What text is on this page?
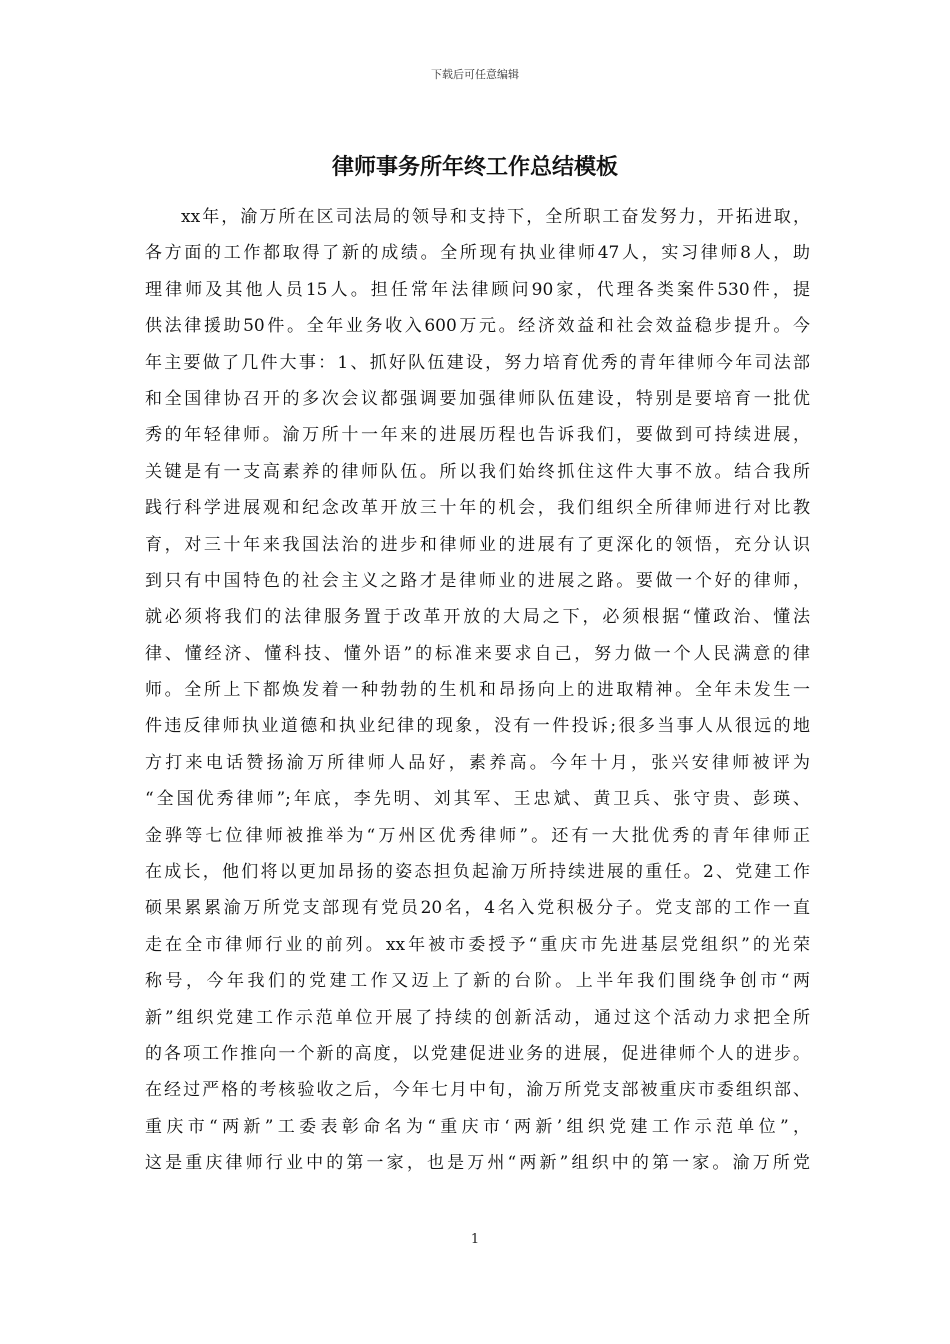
下载后可任意编辑
律师事务所年终工作总结模板
xx年，渝万所在区司法局的领导和支持下，全所职工奋发努力，开拓进取，
各方面的工作都取得了新的成绩。全所现有执业律师47人，实习律师8人，助
理律师及其他人员15人。担任常年法律顾问90家，代理各类案件530件，提
供法律援助50件。全年业务收入600万元。经济效益和社会效益稳步提升。今
年主要做了几件大事：1、抓好队伍建设，努力培育优秀的青年律师今年司法部
和全国律协召开的多次会议都强调要加强律师队伍建设，特别是要培育一批优
秀的年轻律师。渝万所十一年来的进展历程也告诉我们，要做到可持续进展，
关键是有一支高素养的律师队伍。所以我们始终抓住这件大事不放。结合我所
践行科学进展观和纪念改革开放三十年的机会，我们组织全所律师进行对比教
育，对三十年来我国法治的进步和律师业的进展有了更深化的领悟，充分认识
到只有中国特色的社会主义之路才是律师业的进展之路。要做一个好的律师，
就必须将我们的法律服务置于改革开放的大局之下，必须根据“懂政治、懂法
律、懂经济、懂科技、懂外语”的标准来要求自己，努力做一个人民满意的律
师。全所上下都焕发着一种勃勃的生机和昂扬向上的进取精神。全年未发生一
件违反律师执业道德和执业纪律的现象，没有一件投诉;很多当事人从很远的地
方打来电话赞扬渝万所律师人品好，素养高。今年十月，张兴安律师被评为
“全国优秀律师”;年底，李先明、刘其军、王忠斌、黄卫兵、张守贵、彭瑛、
金骅等七位律师被推举为“万州区优秀律师”。还有一大批优秀的青年律师正
在成长，他们将以更加昂扬的姿态担负起渝万所持续进展的重任。2、党建工作
硕果累累渝万所党支部现有党员20名，4名入党积极分子。党支部的工作一直
走在全市律师行业的前列。xx年被市委授予“重庆市先进基层党组织”的光荣
称号，今年我们的党建工作又迈上了新的台阶。上半年我们围绕争创市“两
新”组织党建工作示范单位开展了持续的创新活动，通过这个活动力求把全所
的各项工作推向一个新的高度，以党建促进业务的进展，促进律师个人的进步。
在经过严格的考核验收之后，今年七月中旬，渝万所党支部被重庆市委组织部、
重庆市“两新”工委表彰命名为“重庆市‘两新’组织党建工作示范单位”，
这是重庆律师行业中的第一家，也是万州“两新”组织中的第一家。渝万所党
1
